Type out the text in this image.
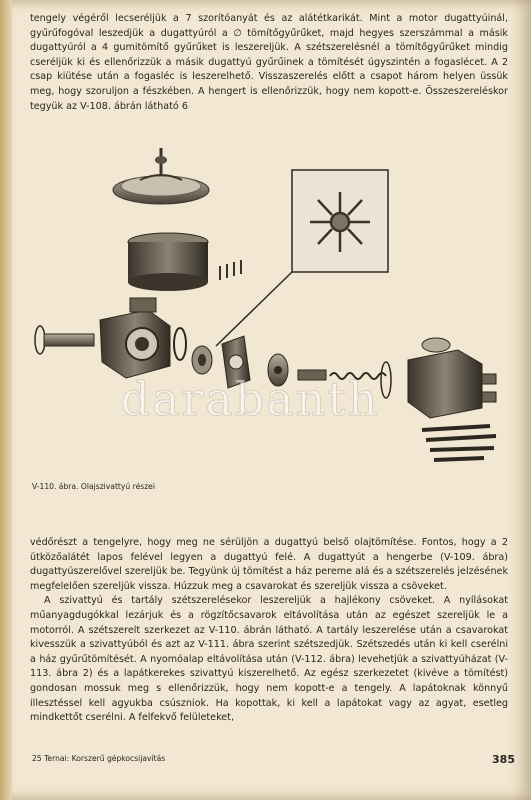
tengely végéről lecseréljük a 7 szorítóanyát és az alátétkarikát. Mint a motor dugattyúinál, gyűrűfogóval leszedjük a dugattyúról a ∅ tömítőgyűrűket, majd hegyes szerszámmal a másik dugattyúról a 4 gumitömítő gyűrűket is leszereljük. A szétszerelésnél a tömítőgyűrűket mindig cseréljük ki és ellenőrizzük a másik dugattyú gyűrűinek a tömítését úgyszintén a fogaslécet. A 2 csap kiütése után a fogasléc is leszerelhető. Visszaszerelés előtt a csapot három helyen üssük meg, hogy szoruljon a fészkében. A hengert is ellenőrizzük, hogy nem kopott-e. Összeszereléskor tegyük az V-108. ábrán látható 6

darabanth
V-110. ábra. Olajszivattyú részei

védőrészt a tengelyre, hogy meg ne sérüljön a dugattyú belső olajtömítése. Fontos, hogy a 2 ütközőalátét lapos felével legyen a dugattyú felé. A dugattyút a hengerbe (V-109. ábra) dugattyúszerelővel szereljük be. Tegyünk új tömítést a ház pereme alá és a szétszerelés jelzésének megfelelően szereljük vissza. Húzzuk meg a csavarokat és szereljük vissza a csöveket.

A szivattyú és tartály szétszerelésekor leszereljük a hajlékony csöveket. A nyílásokat műanyagdugókkal lezárjuk és a rögzítőcsavarok eltávolítása után az egészet szereljük le a motorról. A szétszerelt szerkezet az V-110. ábrán látható. A tartály leszerelése után a csavarokat kivesszük a szivattyúból és azt az V-111. ábra szerint szétszedjük. Szétszedés után ki kell cserélni a ház gyűrűtömítését. A nyomóalap eltávolítása után (V-112. ábra) levehetjük a szivattyúházat (V-113. ábra 2) és a lapátkerekes szivattyú kiszerelhető. Az egész szerkezetet (kivéve a tömítést) gondosan mossuk meg s ellenőrizzük, hogy nem kopott-e a tengely. A lapátoknak könnyű illesztéssel kell agyukba csúszniok. Ha kopottak, ki kell a lapátokat vagy az agyat, esetleg mindkettőt cserélni. A felfekvő felületeket,

25 Ternai: Korszerű gépkocsijavítás	385
